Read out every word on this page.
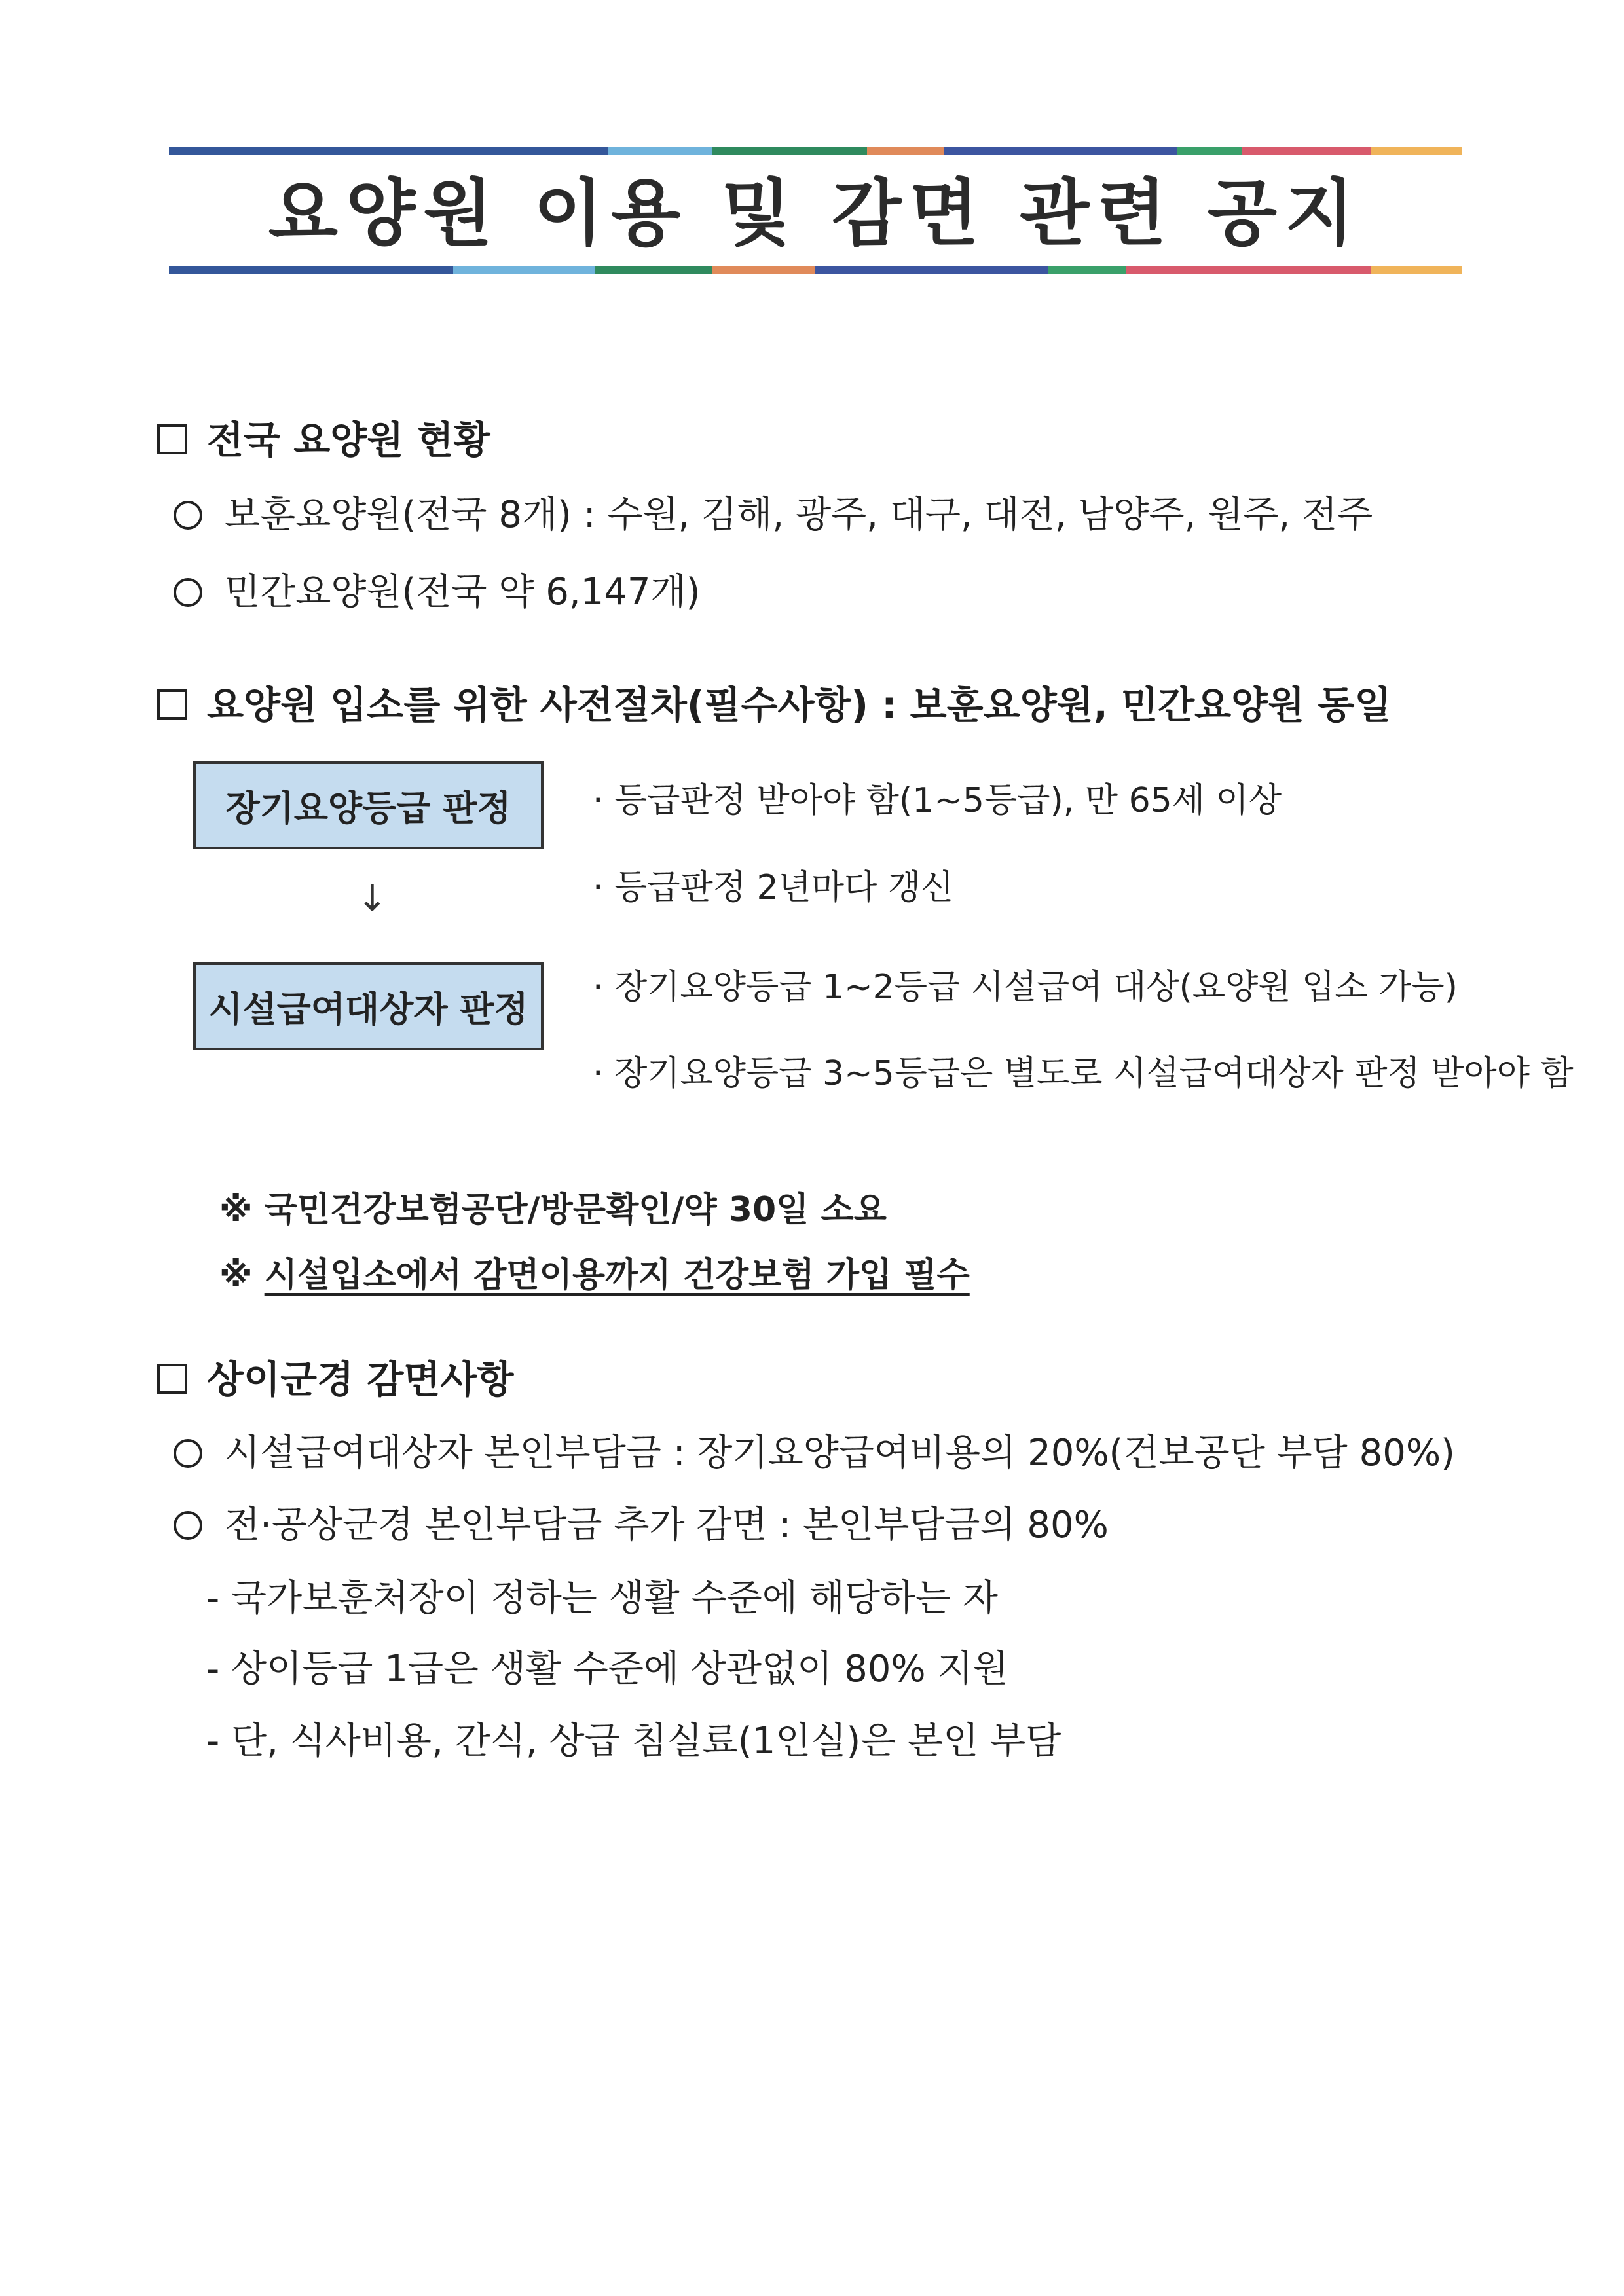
요양원 이용 및 감면 관련 공지
전국 요양원 현황
보훈요양원(전국 8개) : 수원, 김해, 광주, 대구, 대전, 남양주, 원주, 전주
민간요양원(전국 약 6,147개)
요양원 입소를 위한 사전절차(필수사항) : 보훈요양원, 민간요양원 동일
장기요양등급 판정
↓
시설급여대상자 판정
· 등급판정 받아야 함(1~5등급), 만 65세 이상
· 등급판정 2년마다 갱신
· 장기요양등급 1~2등급 시설급여 대상(요양원 입소 가능)
· 장기요양등급 3~5등급은 별도로 시설급여대상자 판정 받아야 함
※ 국민건강보험공단/방문확인/약 30일 소요
※ 시설입소에서 감면이용까지 건강보험 가입 필수
상이군경 감면사항
시설급여대상자 본인부담금 : 장기요양급여비용의 20%(건보공단 부담 80%)
전·공상군경 본인부담금 추가 감면 : 본인부담금의 80%
- 국가보훈처장이 정하는 생활 수준에 해당하는 자
- 상이등급 1급은 생활 수준에 상관없이 80% 지원
- 단, 식사비용, 간식, 상급 침실료(1인실)은 본인 부담
